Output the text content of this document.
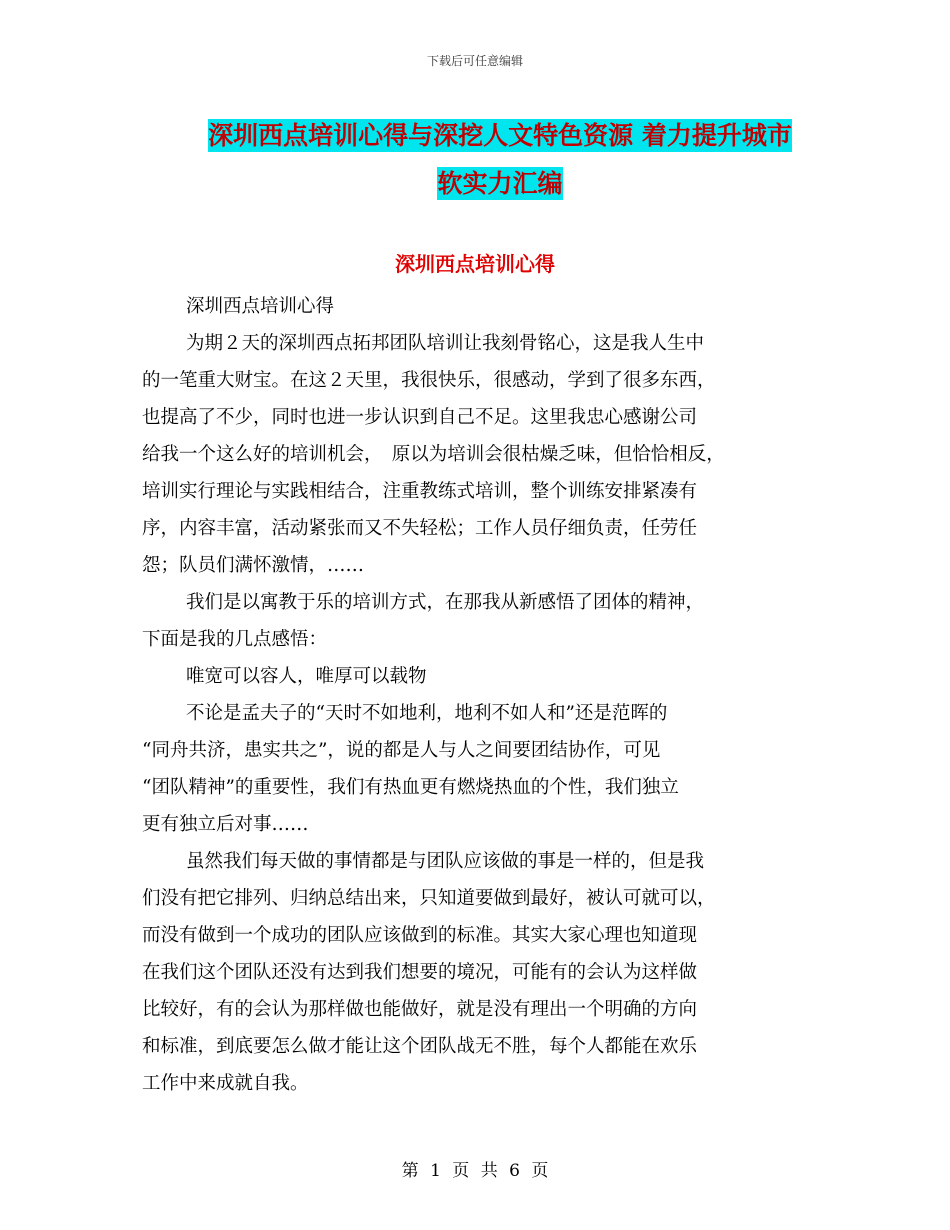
下载后可任意编辑
深圳西点培训心得与深挖人文特色资源 着力提升城市
软实力汇编
深圳西点培训心得

深圳西点培训心得

为期２天的深圳西点拓邦团队培训让我刻骨铭心，这是我人生中
的一笔重大财宝。在这２天里，我很快乐，很感动，学到了很多东西，
也提高了不少，同时也进一步认识到自己不足。这里我忠心感谢公司
给我一个这么好的培训机会，　原以为培训会很枯燥乏味，但恰恰相反，
培训实行理论与实践相结合，注重教练式培训，整个训练安排紧凑有
序，内容丰富，活动紧张而又不失轻松；工作人员仔细负责，任劳任
怨；队员们满怀激情，……

我们是以寓教于乐的培训方式，在那我从新感悟了团体的精神，
下面是我的几点感悟：

唯宽可以容人，唯厚可以载物

不论是孟夫子的“天时不如地利，地利不如人和”还是范晖的
“同舟共济，患实共之”，说的都是人与人之间要团结协作，可见
“团队精神”的重要性，我们有热血更有燃烧热血的个性，我们独立
更有独立后对事……

虽然我们每天做的事情都是与团队应该做的事是一样的，但是我
们没有把它排列、归纳总结出来，只知道要做到最好，被认可就可以，
而没有做到一个成功的团队应该做到的标准。其实大家心理也知道现
在我们这个团队还没有达到我们想要的境况，可能有的会认为这样做
比较好，有的会认为那样做也能做好，就是没有理出一个明确的方向
和标准，到底要怎么做才能让这个团队战无不胜，每个人都能在欢乐
工作中来成就自我。

第 1 页 共 6 页
